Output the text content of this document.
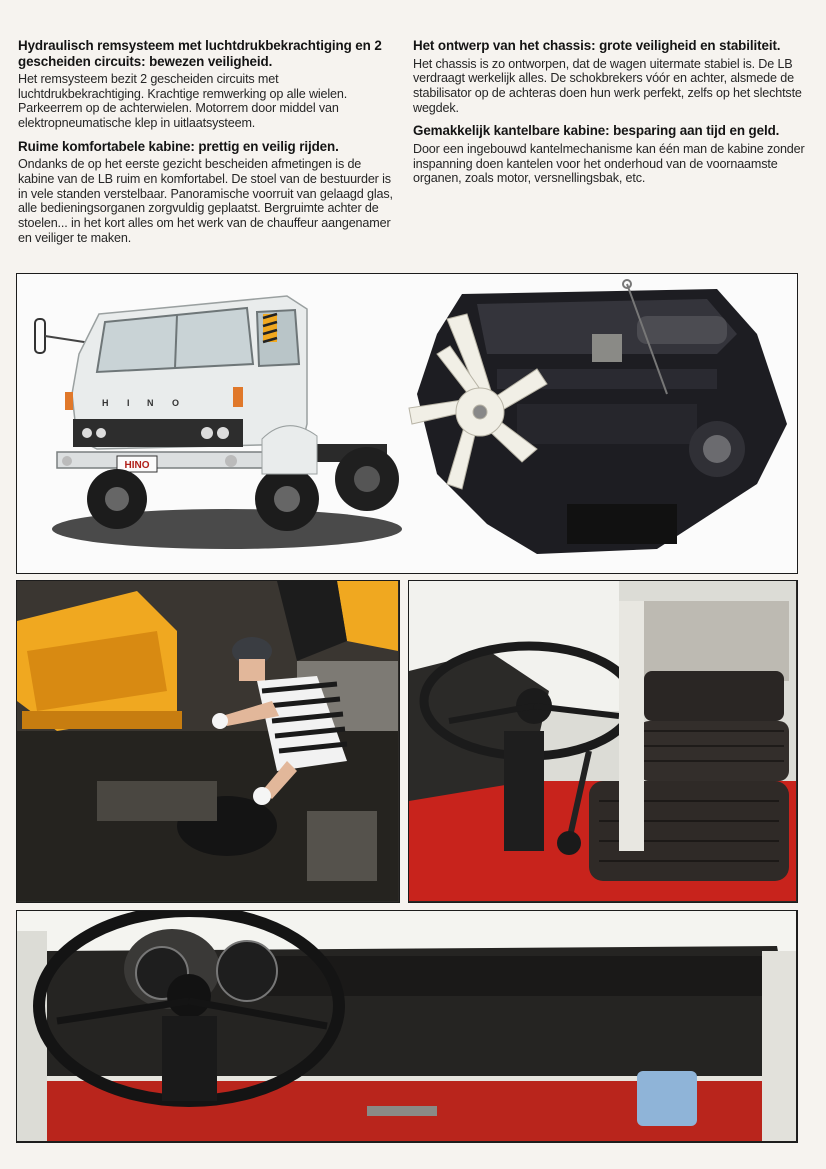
Hydraulisch remsysteem met luchtdrukbekrachtiging en 2 gescheiden circuits: bewezen veiligheid.

Het remsysteem bezit 2 gescheiden circuits met luchtdrukbekrachtiging. Krachtige remwerking op alle wielen. Parkeerrem op de achterwielen. Motorrem door middel van elektropneumatische klep in uitlaatsysteem.

Ruime komfortabele kabine: prettig en veilig rijden.

Ondanks de op het eerste gezicht bescheiden afmetingen is de kabine van de LB ruim en komfortabel. De stoel van de bestuurder is in vele standen verstelbaar. Panoramische voorruit van gelaagd glas, alle bedieningsorganen zorgvuldig geplaatst. Bergruimte achter de stoelen... in het kort alles om het werk van de chauffeur aangenamer en veiliger te maken.

Het ontwerp van het chassis: grote veiligheid en stabiliteit.

Het chassis is zo ontworpen, dat de wagen uitermate stabiel is. De LB verdraagt werkelijk alles. De schokbrekers vóór en achter, alsmede de stabilisator op de achteras doen hun werk perfekt, zelfs op het slechtste wegdek.

Gemakkelijk kantelbare kabine: besparing aan tijd en geld.

Door een ingebouwd kantelmechanisme kan één man de kabine zonder inspanning doen kantelen voor het onderhoud van de voornaamste organen, zoals motor, versnellingsbak, etc.

H I N O
HINO
